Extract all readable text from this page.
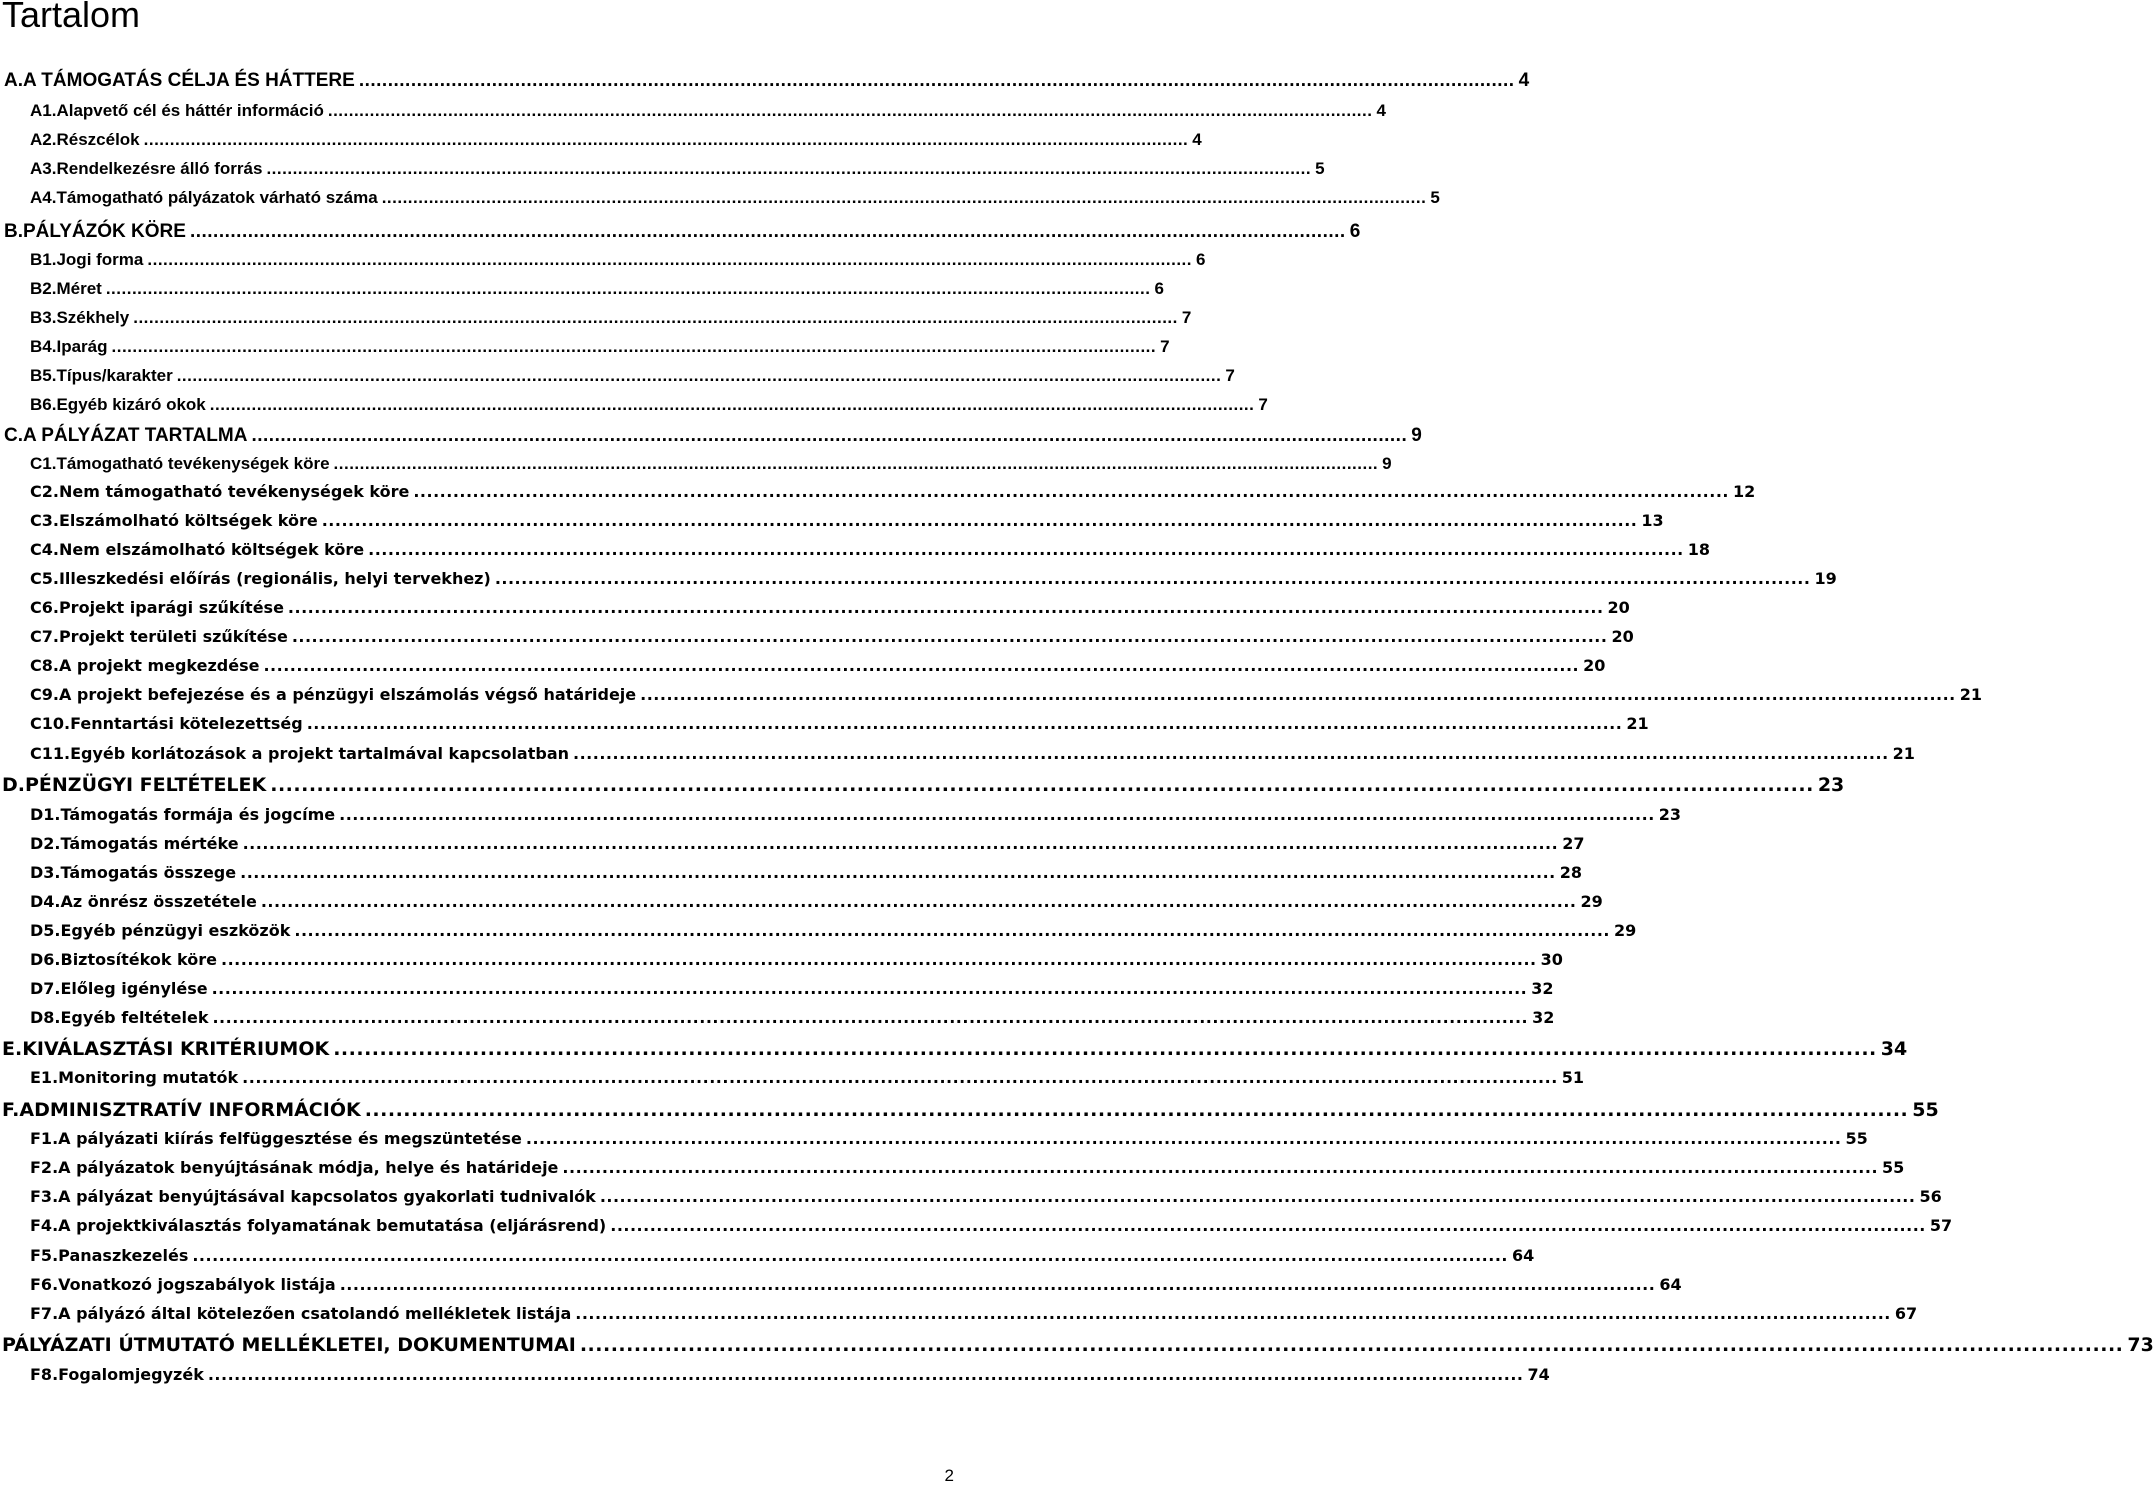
Tartalom
A. A TÁMOGATÁS CÉLJA ÉS HÁTTERE ........................................................................................................................................................................................................ 4
A1. Alapvető cél és háttér információ ........................................................................................................................................................................................................ 4
A2. Részcélok ........................................................................................................................................................................................................ 4
A3. Rendelkezésre álló forrás ........................................................................................................................................................................................................ 5
A4. Támogatható pályázatok várható száma ........................................................................................................................................................................................................ 5
B. PÁLYÁZÓK KÖRE ........................................................................................................................................................................................................ 6
B1. Jogi forma ........................................................................................................................................................................................................ 6
B2. Méret ........................................................................................................................................................................................................ 6
B3. Székhely ........................................................................................................................................................................................................ 7
B4. Iparág ........................................................................................................................................................................................................ 7
B5. Típus/karakter ........................................................................................................................................................................................................ 7
B6. Egyéb kizáró okok ........................................................................................................................................................................................................ 7
C. A PÁLYÁZAT TARTALMA ........................................................................................................................................................................................................ 9
C1. Támogatható tevékenységek köre ........................................................................................................................................................................................................ 9
C2. Nem támogatható tevékenységek köre ........................................................................................................................................................................................................ 12
C3. Elszámolható költségek köre ........................................................................................................................................................................................................ 13
C4. Nem elszámolható költségek köre ........................................................................................................................................................................................................ 18
C5. Illeszkedési előírás (regionális, helyi tervekhez) ........................................................................................................................................................................................................ 19
C6. Projekt iparági szűkítése ........................................................................................................................................................................................................ 20
C7. Projekt területi szűkítése ........................................................................................................................................................................................................ 20
C8. A projekt megkezdése ........................................................................................................................................................................................................ 20
C9. A projekt befejezése és a pénzügyi elszámolás végső határideje ........................................................................................................................................................................................................ 21
C10. Fenntartási kötelezettség ........................................................................................................................................................................................................ 21
C11. Egyéb korlátozások a projekt tartalmával kapcsolatban ........................................................................................................................................................................................................ 21
D. PÉNZÜGYI FELTÉTELEK ........................................................................................................................................................................................................ 23
D1. Támogatás formája és jogcíme ........................................................................................................................................................................................................ 23
D2. Támogatás mértéke ........................................................................................................................................................................................................ 27
D3. Támogatás összege ........................................................................................................................................................................................................ 28
D4. Az önrész összetétele ........................................................................................................................................................................................................ 29
D5. Egyéb pénzügyi eszközök ........................................................................................................................................................................................................ 29
D6. Biztosítékok köre ........................................................................................................................................................................................................ 30
D7. Előleg igénylése ........................................................................................................................................................................................................ 32
D8. Egyéb feltételek ........................................................................................................................................................................................................ 32
E. KIVÁLASZTÁSI KRITÉRIUMOK ........................................................................................................................................................................................................ 34
E1. Monitoring mutatók ........................................................................................................................................................................................................ 51
F. ADMINISZTRATÍV INFORMÁCIÓK ........................................................................................................................................................................................................ 55
F1. A pályázati kiírás felfüggesztése és megszüntetése ........................................................................................................................................................................................................ 55
F2. A pályázatok benyújtásának módja, helye és határideje ........................................................................................................................................................................................................ 55
F3. A pályázat benyújtásával kapcsolatos gyakorlati tudnivalók ........................................................................................................................................................................................................ 56
F4. A projektkiválasztás folyamatának bemutatása (eljárásrend) ........................................................................................................................................................................................................ 57
F5. Panaszkezelés ........................................................................................................................................................................................................ 64
F6. Vonatkozó jogszabályok listája ........................................................................................................................................................................................................ 64
F7. A pályázó által kötelezően csatolandó mellékletek listája ........................................................................................................................................................................................................ 67
PÁLYÁZATI ÚTMUTATÓ MELLÉKLETEI, DOKUMENTUMAI ........................................................................................................................................................................................................ 73
F8. Fogalomjegyzék ........................................................................................................................................................................................................ 74
2
